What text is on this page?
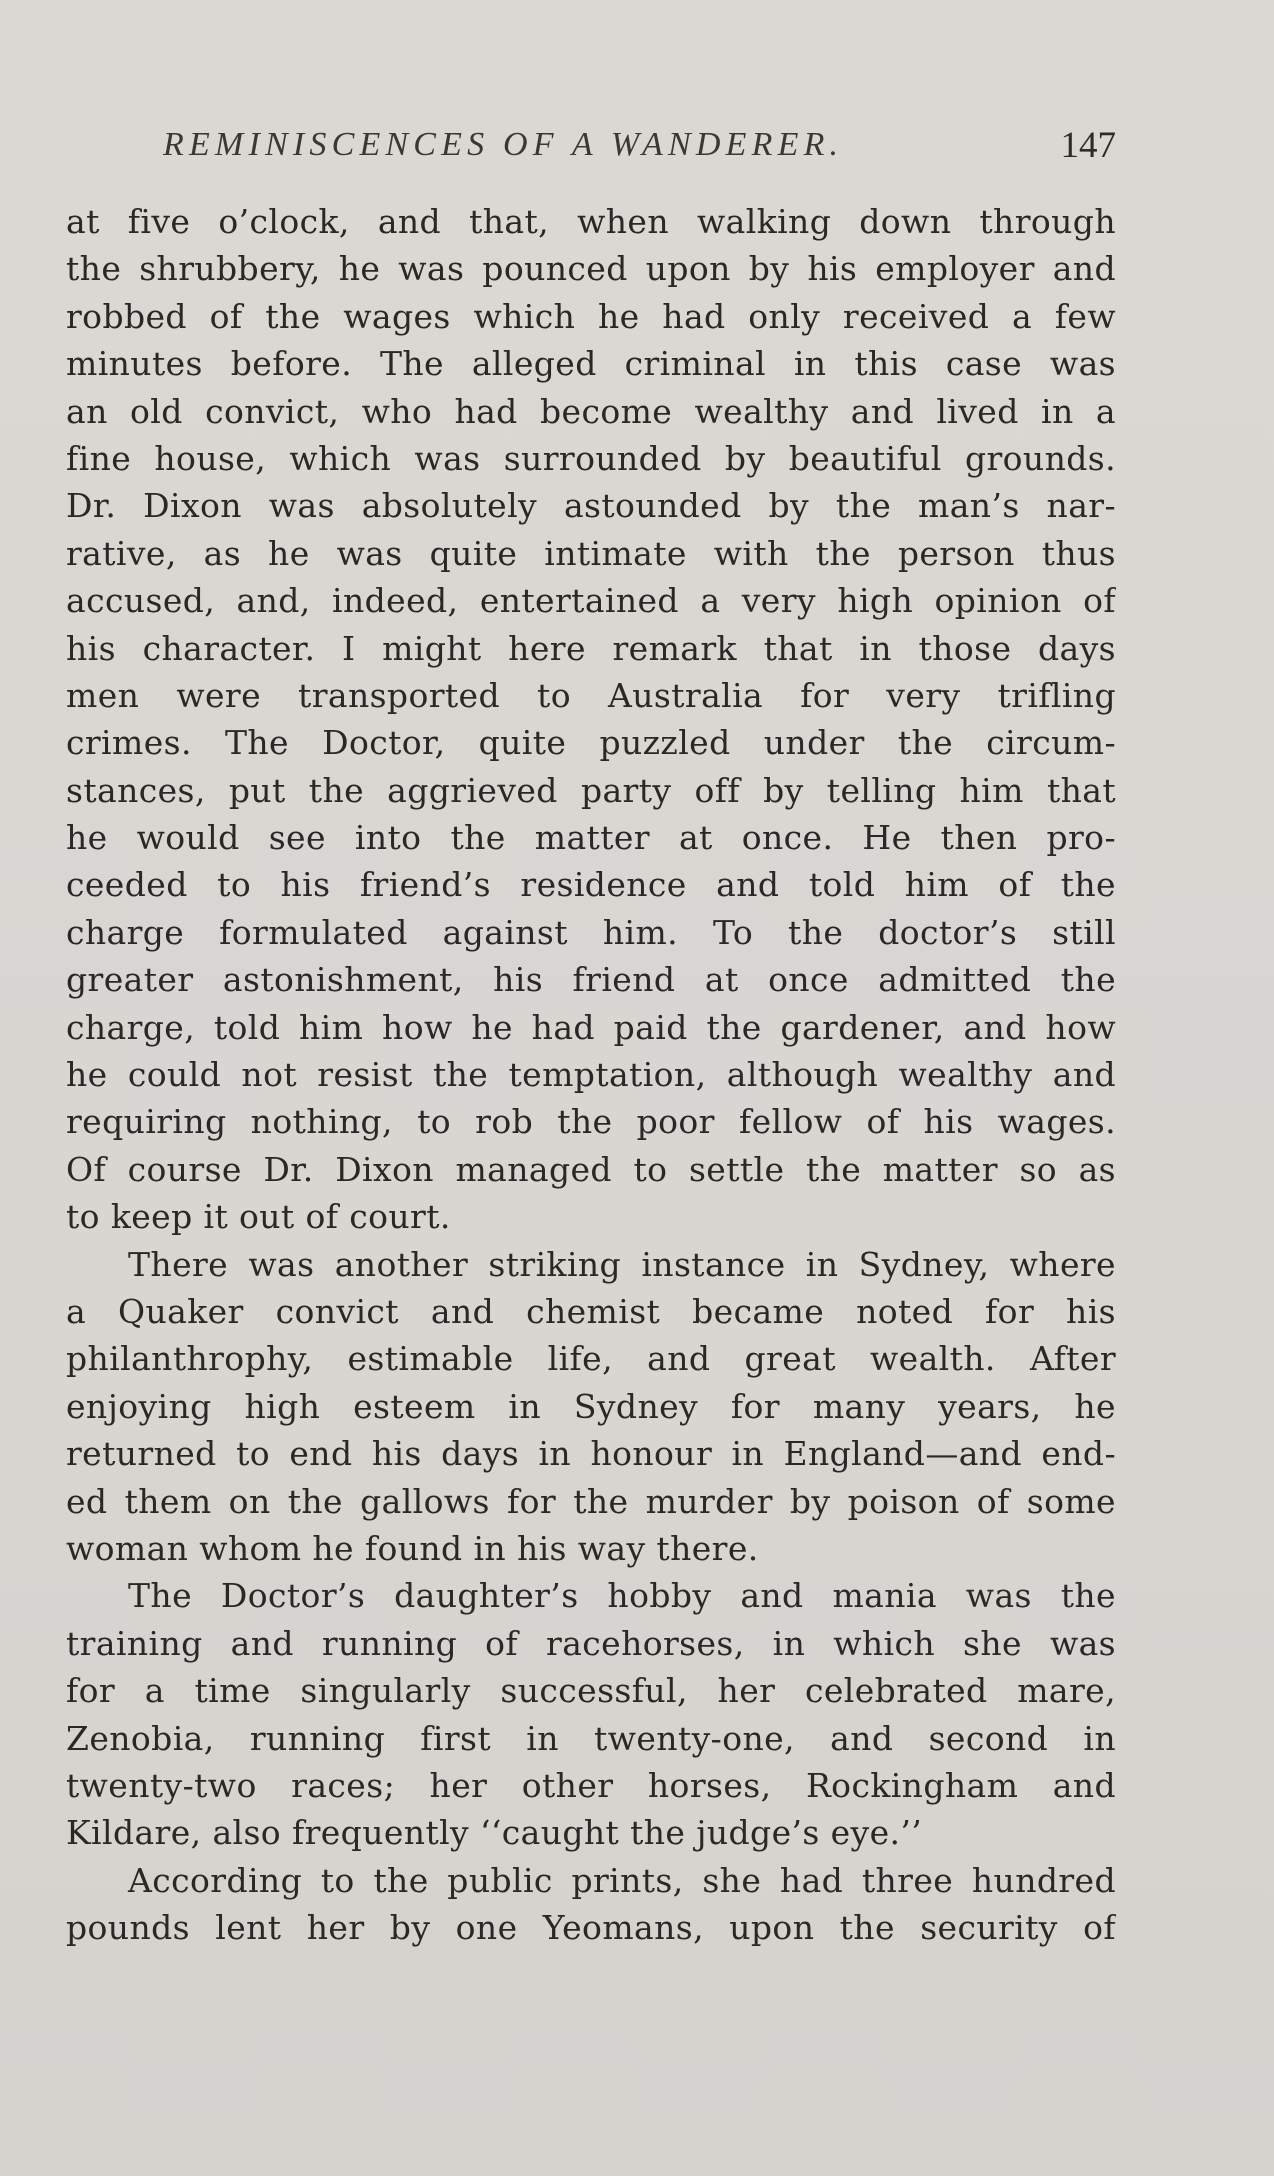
REMINISCENCES OF A WANDERER.	147
at five o’clock, and that, when walking down through
the shrubbery, he was pounced upon by his employer and
robbed of the wages which he had only received a few
minutes before. The alleged criminal in this case was
an old convict, who had become wealthy and lived in a
fine house, which was surrounded by beautiful grounds.
Dr. Dixon was absolutely astounded by the man’s nar-
rative, as he was quite intimate with the person thus
accused, and, indeed, entertained a very high opinion of
his character. I might here remark that in those days
men were transported to Australia for very trifling
crimes. The Doctor, quite puzzled under the circum-
stances, put the aggrieved party off by telling him that
he would see into the matter at once. He then pro-
ceeded to his friend’s residence and told him of the
charge formulated against him. To the doctor’s still
greater astonishment, his friend at once admitted the
charge, told him how he had paid the gardener, and how
he could not resist the temptation, although wealthy and
requiring nothing, to rob the poor fellow of his wages.
Of course Dr. Dixon managed to settle the matter so as
to keep it out of court.
There was another striking instance in Sydney, where
a Quaker convict and chemist became noted for his
philanthrophy, estimable life, and great wealth. After
enjoying high esteem in Sydney for many years, he
returned to end his days in honour in England—and end-
ed them on the gallows for the murder by poison of some
woman whom he found in his way there.
The Doctor’s daughter’s hobby and mania was the
training and running of racehorses, in which she was
for a time singularly successful, her celebrated mare,
Zenobia, running first in twenty-one, and second in
twenty-two races; her other horses, Rockingham and
Kildare, also frequently ‘‘caught the judge’s eye.’’
According to the public prints, she had three hundred
pounds lent her by one Yeomans, upon the security of
